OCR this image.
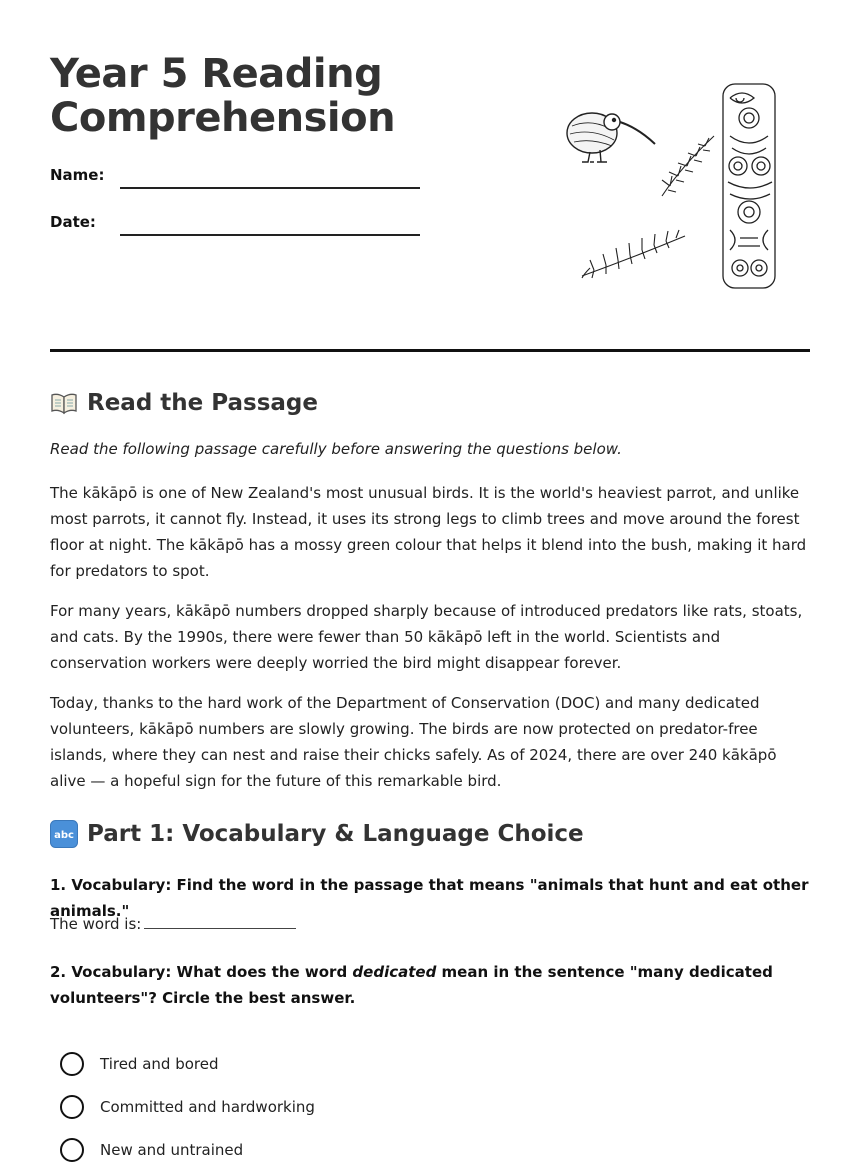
Year 5 Reading
Comprehension
Name:
Date:
Read the Passage

Read the following passage carefully before answering the questions below.

The kākāpō is one of New Zealand's most unusual birds. It is the world's heaviest parrot, and unlike most parrots, it cannot fly. Instead, it uses its strong legs to climb trees and move around the forest floor at night. The kākāpō has a mossy green colour that helps it blend into the bush, making it hard for predators to spot.

For many years, kākāpō numbers dropped sharply because of introduced predators like rats, stoats, and cats. By the 1990s, there were fewer than 50 kākāpō left in the world. Scientists and conservation workers were deeply worried the bird might disappear forever.

Today, thanks to the hard work of the Department of Conservation (DOC) and many dedicated volunteers, kākāpō numbers are slowly growing. The birds are now protected on predator-free islands, where they can nest and raise their chicks safely. As of 2024, there are over 240 kākāpō alive — a hopeful sign for the future of this remarkable bird.

abc Part 1: Vocabulary & Language Choice

1. Vocabulary: Find the word in the passage that means "animals that hunt and eat other animals."

The word is:

2. Vocabulary: What does the word dedicated mean in the sentence "many dedicated volunteers"? Circle the best answer.

Tired and bored
Committed and hardworking
New and untrained
